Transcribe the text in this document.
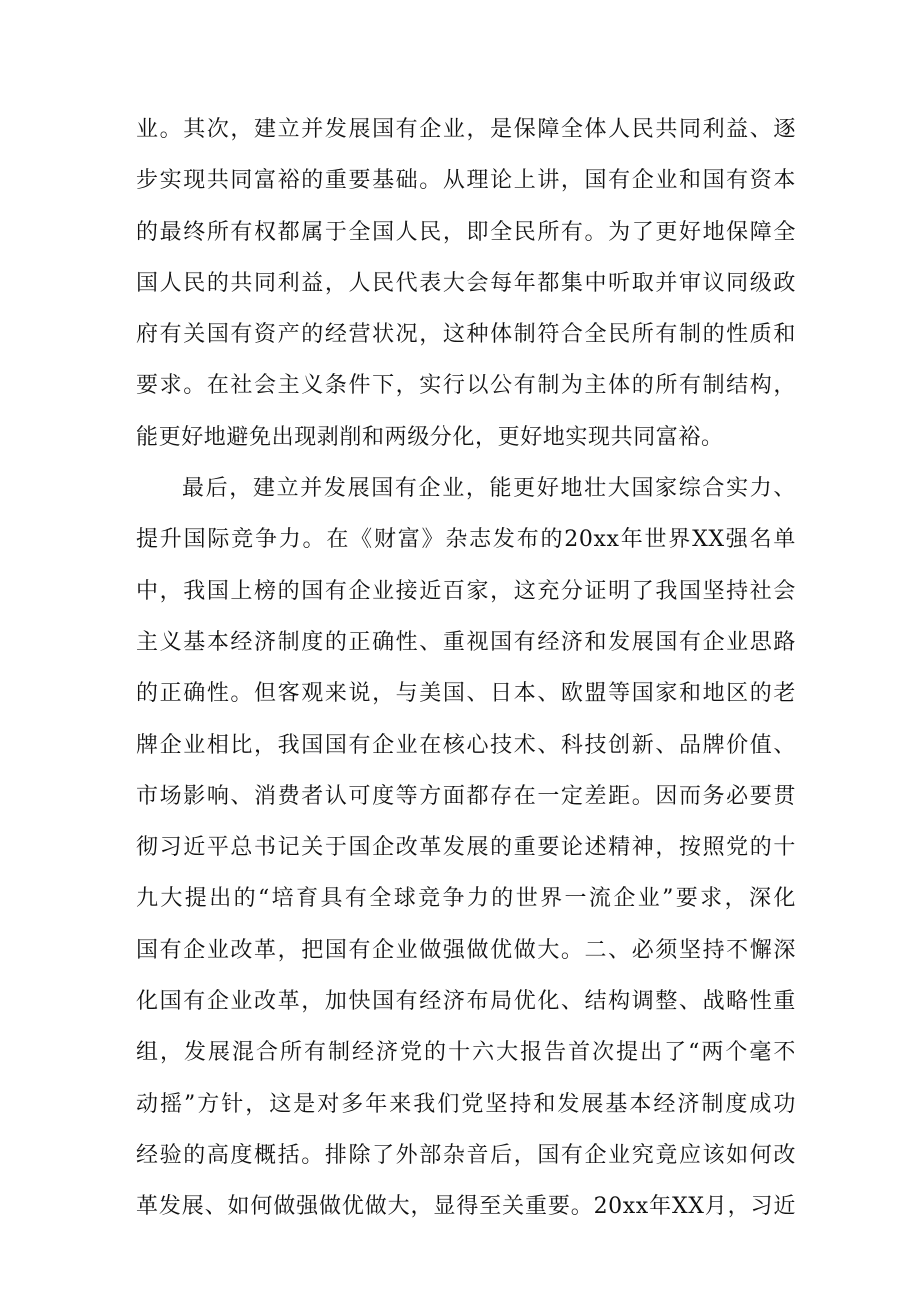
业。其次，建立并发展国有企业，是保障全体人民共同利益、逐
步实现共同富裕的重要基础。从理论上讲，国有企业和国有资本
的最终所有权都属于全国人民，即全民所有。为了更好地保障全
国人民的共同利益，人民代表大会每年都集中听取并审议同级政
府有关国有资产的经营状况，这种体制符合全民所有制的性质和
要求。在社会主义条件下，实行以公有制为主体的所有制结构，
能更好地避免出现剥削和两级分化，更好地实现共同富裕。

最后，建立并发展国有企业，能更好地壮大国家综合实力、
提升国际竞争力。在《财富》杂志发布的20xx年世界XX强名单
中，我国上榜的国有企业接近百家，这充分证明了我国坚持社会
主义基本经济制度的正确性、重视国有经济和发展国有企业思路
的正确性。但客观来说，与美国、日本、欧盟等国家和地区的老
牌企业相比，我国国有企业在核心技术、科技创新、品牌价值、
市场影响、消费者认可度等方面都存在一定差距。因而务必要贯
彻习近平总书记关于国企改革发展的重要论述精神，按照党的十
九大提出的“培育具有全球竞争力的世界一流企业”要求，深化
国有企业改革，把国有企业做强做优做大。二、必须坚持不懈深
化国有企业改革，加快国有经济布局优化、结构调整、战略性重
组，发展混合所有制经济党的十六大报告首次提出了“两个毫不
动摇”方针，这是对多年来我们党坚持和发展基本经济制度成功
经验的高度概括。排除了外部杂音后，国有企业究竟应该如何改
革发展、如何做强做优做大，显得至关重要。20xx年XX月，习近
